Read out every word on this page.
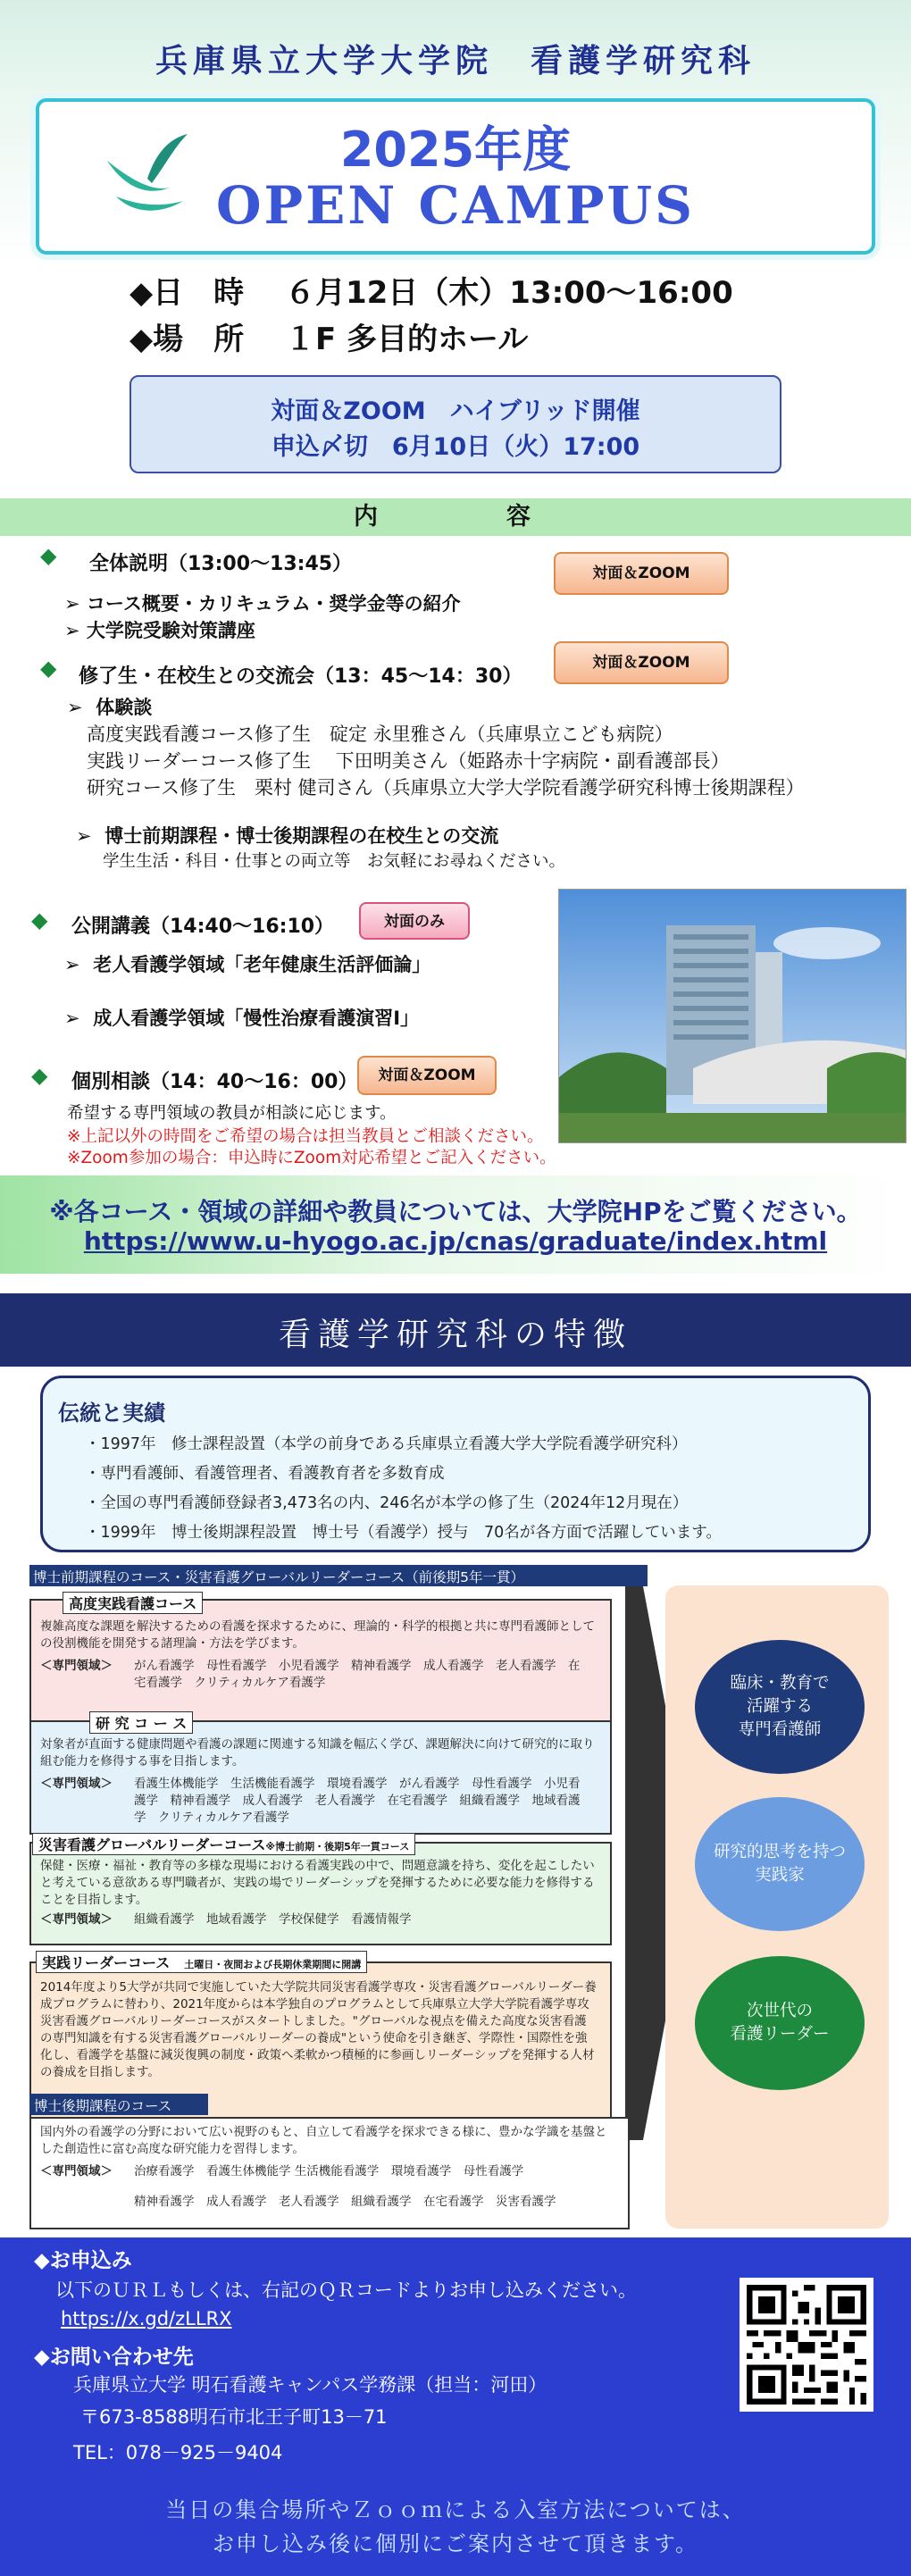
兵庫県立大学大学院　看護学研究科
2025年度
OPEN CAMPUS
◆日　時　 ６月12日（木）13:00～16:00
◆場　所　 １F 多目的ホール
対面＆ZOOM　ハイブリッド開催
申込〆切　6月10日（火）17:00
内　　容
◆ 全体説明（13:00～13:45）	対面＆ZOOM
➢ コース概要・カリキュラム・奨学金等の紹介
➢ 大学院受験対策講座
◆ 修了生・在校生との交流会（13：45～14：30）
対面＆ZOOM
➢  体験談
高度実践看護コース修了生　碇定 永里雅さん（兵庫県立こども病院）
実践リーダーコース修了生　 下田明美さん（姫路赤十字病院・副看護部長）
研究コース修了生　栗村 健司さん（兵庫県立大学大学院看護学研究科博士後期課程）
➢  博士前期課程・博士後期課程の在校生との交流
学生生活・科目・仕事との両立等　お気軽にお尋ねください。
◆ 公開講義（14:40～16:10）	対面のみ
➢  老人看護学領域「老年健康生活評価論」
➢  成人看護学領域「慢性治療看護演習Ⅰ」
◆ 個別相談（14：40～16：00）	対面＆ZOOM
希望する専門領域の教員が相談に応じます。
※上記以外の時間をご希望の場合は担当教員とご相談ください。
※Zoom参加の場合：申込時にZoom対応希望とご記入ください。
※各コース・領域の詳細や教員については、大学院HPをご覧ください。
https://www.u-hyogo.ac.jp/cnas/graduate/index.html
看護学研究科の特徴
伝統と実績
・1997年　修士課程設置（本学の前身である兵庫県立看護大学大学院看護学研究科）
・専門看護師、看護管理者、看護教育者を多数育成
・全国の専門看護師登録者3,473名の内、246名が本学の修了生（2024年12月現在）
・1999年　博士後期課程設置　博士号（看護学）授与　70名が各方面で活躍しています。
博士前期課程のコース・災害看護グローバルリーダーコース（前後期5年一貫）
高度実践看護コース
複雑高度な課題を解決するための看護を探求するために、理論的・科学的根拠と共に専門看護師としての役割機能を開発する諸理論・方法を学びます。
＜専門領域＞ がん看護学　母性看護学　小児看護学　精神看護学　成人看護学　老人看護学　在宅看護学　クリティカルケア看護学
研 究 コ ー ス
対象者が直面する健康問題や看護の課題に関連する知識を幅広く学び、課題解決に向けて研究的に取り組む能力を修得する事を目指します。
＜専門領域＞ 看護生体機能学　生活機能看護学　環境看護学　がん看護学　母性看護学　小児看護学　精神看護学　成人看護学　老人看護学　在宅看護学　組織看護学　地域看護学　クリティカルケア看護学
災害看護グローバルリーダーコース※博士前期・後期5年一貫コース
保健・医療・福祉・教育等の多様な現場における看護実践の中で、問題意識を持ち、変化を起こしたいと考えている意欲ある専門職者が、実践の場でリーダーシップを発揮するために必要な能力を修得することを目指します。
＜専門領域＞ 組織看護学　地域看護学　学校保健学　看護情報学
実践リーダーコース　 土曜日・夜間および長期休業期間に開講
2014年度より5大学が共同で実施していた大学院共同災害看護学専攻・災害看護グローバルリーダー養成プログラムに替わり、2021年度からは本学独自のプログラムとして兵庫県立大学大学院看護学専攻災害看護グローバルリーダーコースがスタートしました。"グローバルな視点を備えた高度な災害看護の専門知識を有する災害看護グローバルリーダーの養成"という使命を引き継ぎ、学際性・国際性を強化し、看護学を基盤に減災復興の制度・政策へ柔軟かつ積極的に参画しリーダーシップを発揮する人材の養成を目指します。
博士後期課程のコース
国内外の看護学の分野において広い視野のもと、自立して看護学を探求できる様に、豊かな学識を基盤とした創造性に富む高度な研究能力を習得します。
＜専門領域＞ 治療看護学　看護生体機能学 生活機能看護学　環境看護学　母性看護学
精神看護学　成人看護学　老人看護学　組織看護学　在宅看護学　災害看護学
臨床・教育で
活躍する
専門看護師
研究的思考を持つ
実践家
次世代の
看護リーダー
◆お申込み
以下のＵＲＬもしくは、右記のＱＲコードよりお申し込みください。
https://x.gd/zLLRX
◆お問い合わせ先
兵庫県立大学 明石看護キャンパス学務課（担当：河田）
〒673-8588明石市北王子町13－71
TEL：078－925－9404
当日の集合場所やＺｏｏｍによる入室方法については、
お申し込み後に個別にご案内させて頂きます。
